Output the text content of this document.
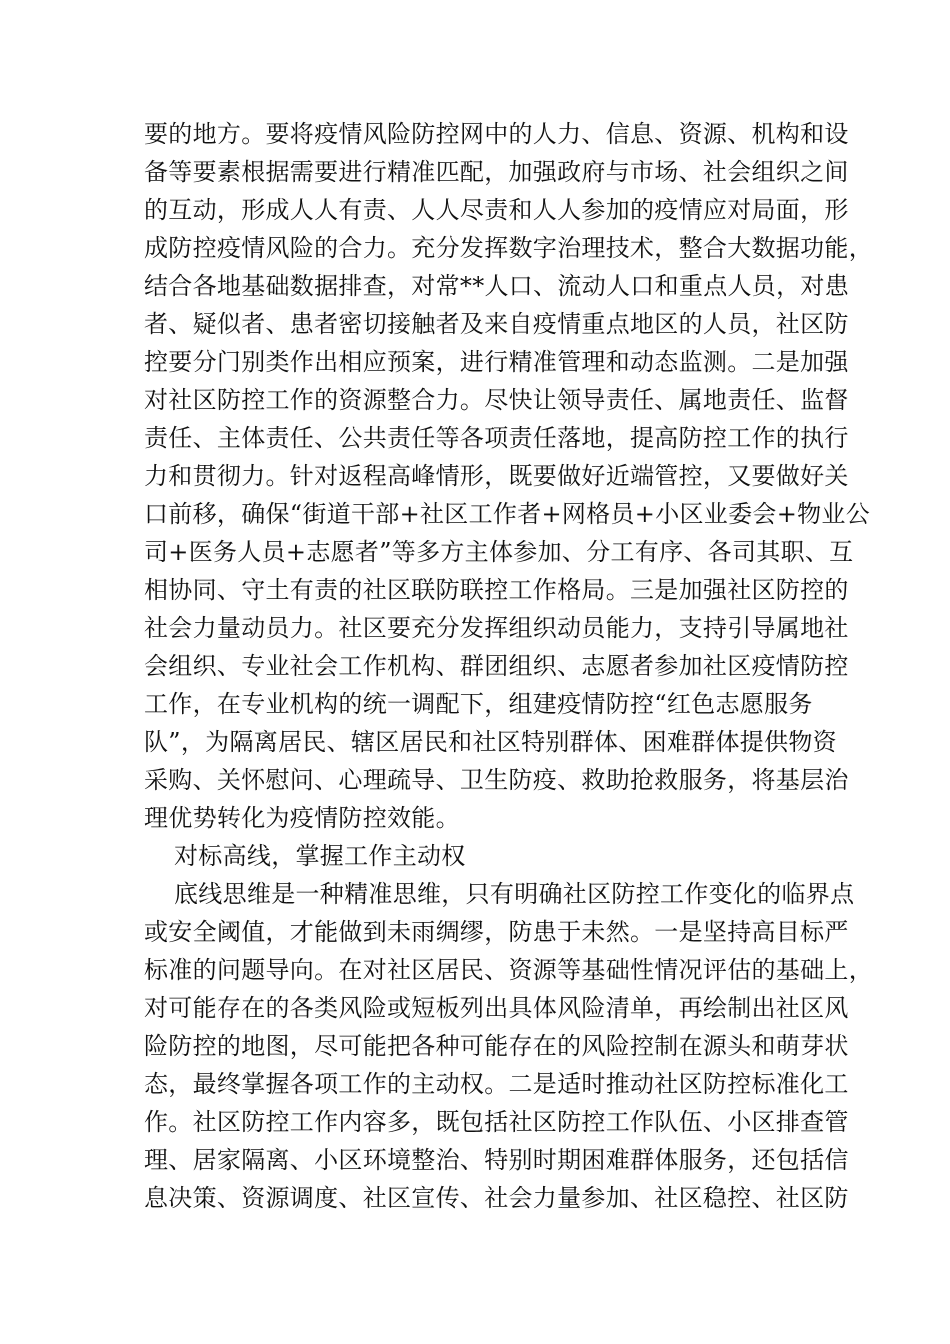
要的地方。要将疫情风险防控网中的人力、信息、资源、机构和设
备等要素根据需要进行精准匹配，加强政府与市场、社会组织之间
的互动，形成人人有责、人人尽责和人人参加的疫情应对局面，形
成防控疫情风险的合力。充分发挥数字治理技术，整合大数据功能，
结合各地基础数据排查，对常**人口、流动人口和重点人员，对患
者、疑似者、患者密切接触者及来自疫情重点地区的人员，社区防
控要分门别类作出相应预案，进行精准管理和动态监测。二是加强
对社区防控工作的资源整合力。尽快让领导责任、属地责任、监督
责任、主体责任、公共责任等各项责任落地，提高防控工作的执行
力和贯彻力。针对返程高峰情形，既要做好近端管控，又要做好关
口前移，确保“街道干部+社区工作者+网格员+小区业委会+物业公
司+医务人员+志愿者”等多方主体参加、分工有序、各司其职、互
相协同、守土有责的社区联防联控工作格局。三是加强社区防控的
社会力量动员力。社区要充分发挥组织动员能力，支持引导属地社
会组织、专业社会工作机构、群团组织、志愿者参加社区疫情防控
工作，在专业机构的统一调配下，组建疫情防控“红色志愿服务
队”，为隔离居民、辖区居民和社区特别群体、困难群体提供物资
采购、关怀慰问、心理疏导、卫生防疫、救助抢救服务，将基层治
理优势转化为疫情防控效能。
对标高线，掌握工作主动权
底线思维是一种精准思维，只有明确社区防控工作变化的临界点
或安全阈值，才能做到未雨绸缪，防患于未然。一是坚持高目标严
标准的问题导向。在对社区居民、资源等基础性情况评估的基础上，
对可能存在的各类风险或短板列出具体风险清单，再绘制出社区风
险防控的地图，尽可能把各种可能存在的风险控制在源头和萌芽状
态，最终掌握各项工作的主动权。二是适时推动社区防控标准化工
作。社区防控工作内容多，既包括社区防控工作队伍、小区排查管
理、居家隔离、小区环境整治、特别时期困难群体服务，还包括信
息决策、资源调度、社区宣传、社会力量参加、社区稳控、社区防
